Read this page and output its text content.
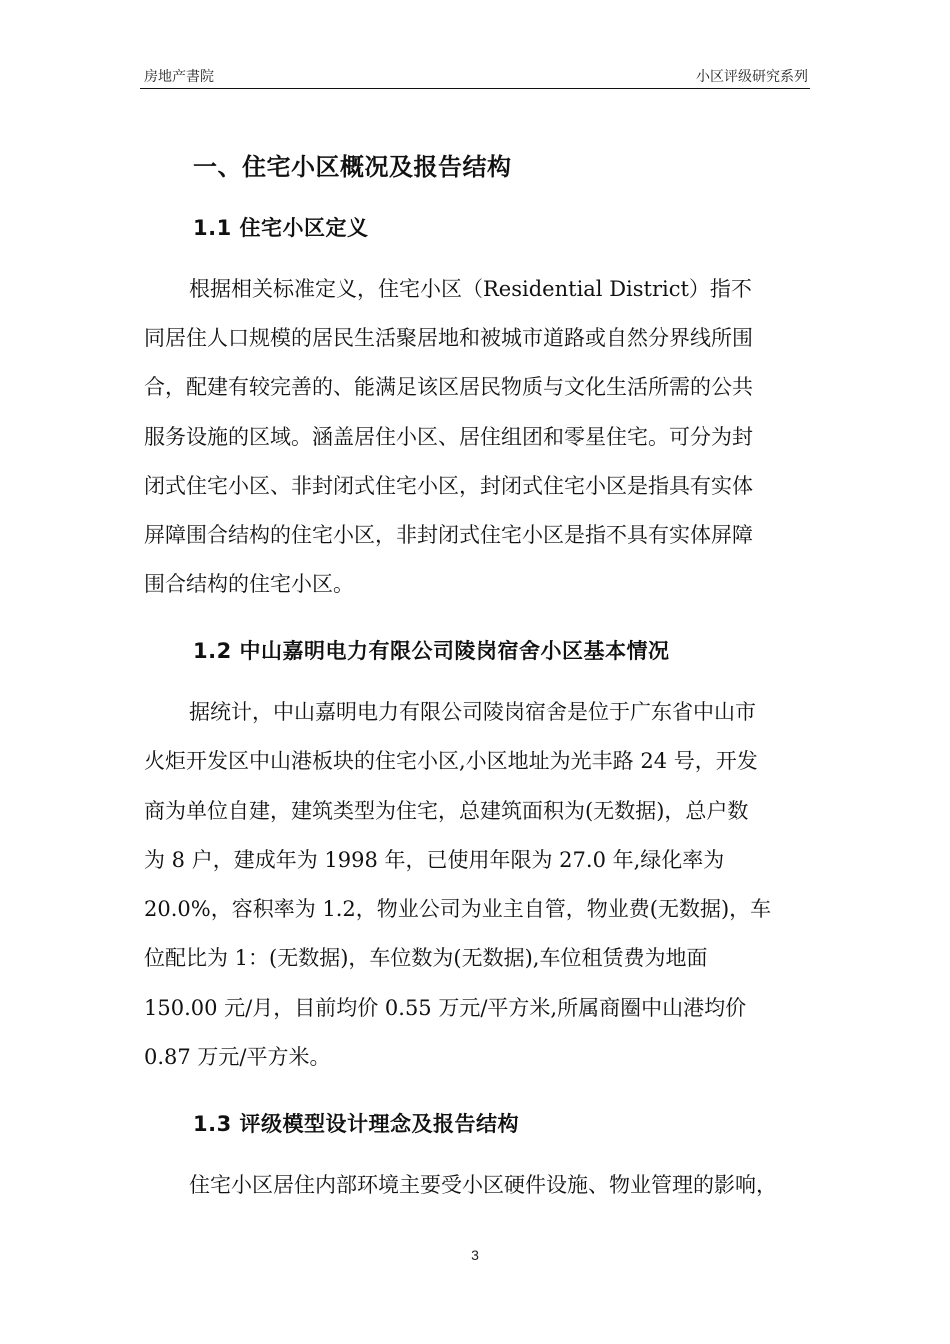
房地产書院	小区评级研究系列
一、住宅小区概况及报告结构
1.1 住宅小区定义
根据相关标准定义，住宅小区（Residential District）指不
同居住人口规模的居民生活聚居地和被城市道路或自然分界线所围
合，配建有较完善的、能满足该区居民物质与文化生活所需的公共
服务设施的区域。涵盖居住小区、居住组团和零星住宅。可分为封
闭式住宅小区、非封闭式住宅小区，封闭式住宅小区是指具有实体
屏障围合结构的住宅小区，非封闭式住宅小区是指不具有实体屏障
围合结构的住宅小区。
1.2 中山嘉明电力有限公司陵岗宿舍小区基本情况
据统计，中山嘉明电力有限公司陵岗宿舍是位于广东省中山市
火炬开发区中山港板块的住宅小区,小区地址为光丰路 24 号，开发
商为单位自建，建筑类型为住宅，总建筑面积为(无数据)，总户数
为 8 户，建成年为 1998 年，已使用年限为 27.0 年,绿化率为
20.0%，容积率为 1.2，物业公司为业主自管，物业费(无数据)，车
位配比为 1：(无数据)，车位数为(无数据),车位租赁费为地面
150.00 元/月，目前均价 0.55 万元/平方米,所属商圈中山港均价
0.87 万元/平方米。
1.3 评级模型设计理念及报告结构
住宅小区居住内部环境主要受小区硬件设施、物业管理的影响，
3
